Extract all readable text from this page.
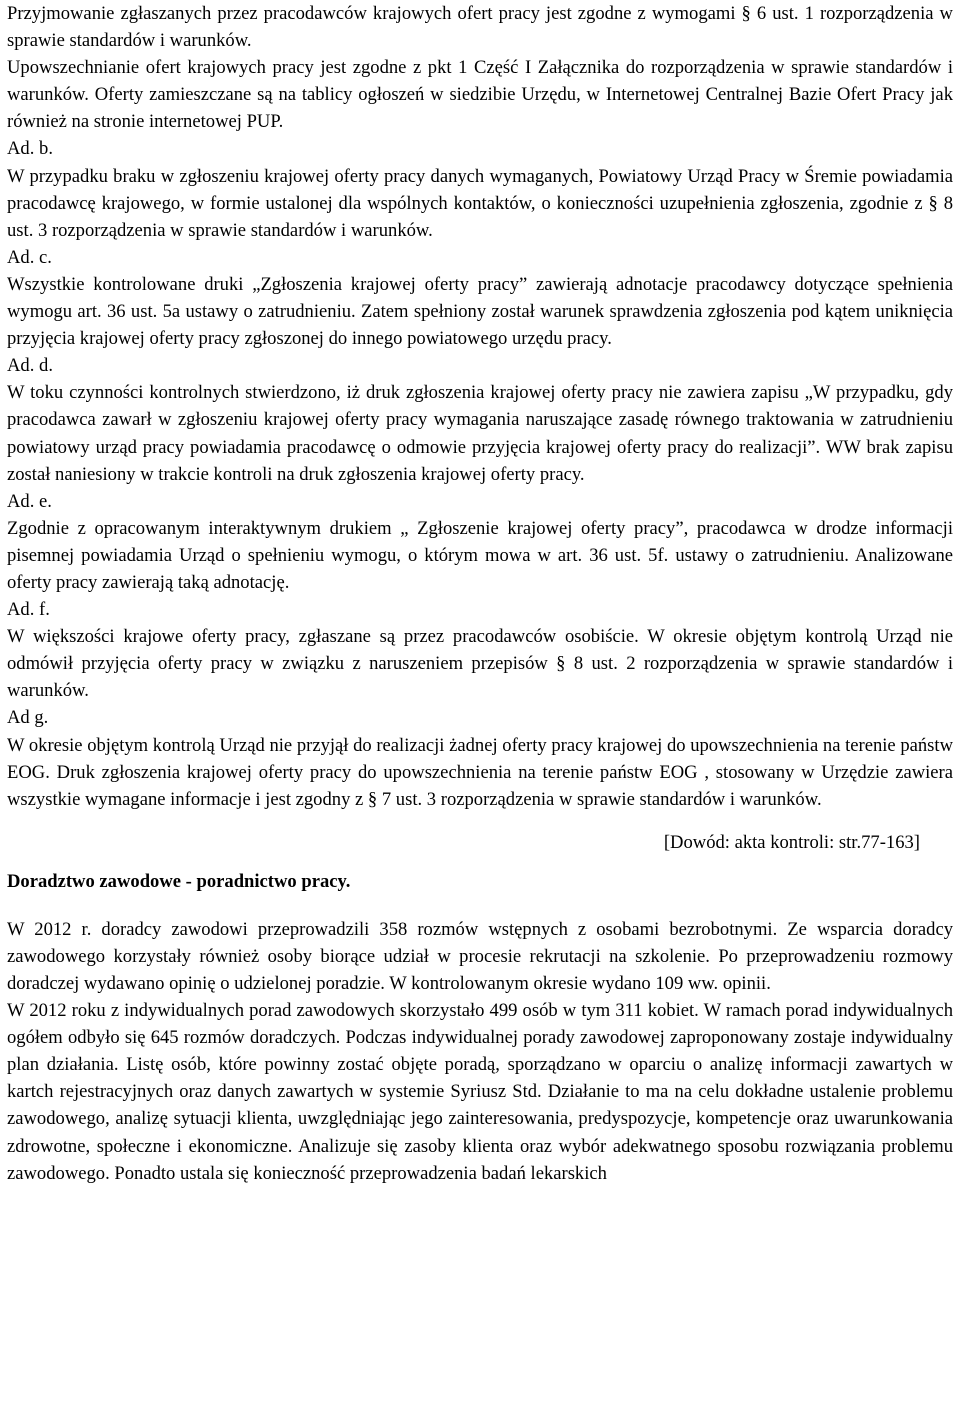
Przyjmowanie zgłaszanych przez pracodawców krajowych ofert pracy jest zgodne z wymogami § 6 ust. 1 rozporządzenia w sprawie standardów i warunków.

Upowszechnianie ofert krajowych pracy jest zgodne z pkt 1 Część I Załącznika do rozporządzenia w sprawie standardów i warunków. Oferty zamieszczane są na tablicy ogłoszeń w siedzibie Urzędu, w Internetowej Centralnej Bazie Ofert Pracy jak również na stronie internetowej PUP.

Ad. b.

W przypadku braku w zgłoszeniu krajowej oferty pracy danych wymaganych, Powiatowy Urząd Pracy w Śremie powiadamia pracodawcę krajowego, w formie ustalonej dla wspólnych kontaktów, o konieczności uzupełnienia zgłoszenia, zgodnie z § 8 ust. 3 rozporządzenia w sprawie standardów i warunków.

Ad. c.

Wszystkie kontrolowane druki „Zgłoszenia krajowej oferty pracy” zawierają adnotacje pracodawcy dotyczące spełnienia wymogu art. 36 ust. 5a ustawy o zatrudnieniu. Zatem spełniony został warunek sprawdzenia zgłoszenia pod kątem uniknięcia przyjęcia krajowej oferty pracy zgłoszonej do innego powiatowego urzędu pracy.

Ad. d.

W toku czynności kontrolnych stwierdzono, iż druk zgłoszenia krajowej oferty pracy nie zawiera zapisu „W przypadku, gdy pracodawca zawarł w zgłoszeniu krajowej oferty pracy wymagania naruszające zasadę równego traktowania w zatrudnieniu powiatowy urząd pracy powiadamia pracodawcę o odmowie przyjęcia krajowej oferty pracy do realizacji”. WW brak zapisu został naniesiony w trakcie kontroli na druk zgłoszenia krajowej oferty pracy.

Ad. e.

Zgodnie z opracowanym interaktywnym drukiem „ Zgłoszenie krajowej oferty pracy”, pracodawca w drodze informacji pisemnej powiadamia Urząd o spełnieniu wymogu, o którym mowa w art. 36 ust. 5f. ustawy o zatrudnieniu. Analizowane oferty pracy zawierają taką adnotację.

Ad. f.

W większości krajowe oferty pracy, zgłaszane są przez pracodawców osobiście. W okresie objętym kontrolą Urząd nie odmówił przyjęcia oferty pracy w związku z naruszeniem przepisów § 8 ust. 2 rozporządzenia w sprawie standardów i warunków.

Ad g.

W okresie objętym kontrolą Urząd nie przyjął do realizacji żadnej oferty pracy krajowej do upowszechnienia na terenie państw EOG. Druk zgłoszenia krajowej oferty pracy do upowszechnienia na terenie państw EOG , stosowany w Urzędzie zawiera wszystkie wymagane informacje i jest zgodny z § 7 ust. 3 rozporządzenia w sprawie standardów i warunków.

[Dowód: akta kontroli: str.77-163]

Doradztwo zawodowe - poradnictwo pracy.

W 2012 r. doradcy zawodowi przeprowadzili 358 rozmów wstępnych z osobami bezrobotnymi. Ze wsparcia doradcy zawodowego korzystały również osoby biorące udział w procesie rekrutacji na szkolenie. Po przeprowadzeniu rozmowy doradczej wydawano opinię o udzielonej poradzie. W kontrolowanym okresie wydano 109 ww. opinii.

W 2012 roku z indywidualnych porad zawodowych skorzystało 499 osób w tym 311 kobiet. W ramach porad indywidualnych ogółem odbyło się 645 rozmów doradczych. Podczas indywidualnej porady zawodowej zaproponowany zostaje indywidualny plan działania. Listę osób, które powinny zostać objęte poradą, sporządzano w oparciu o analizę informacji zawartych w kartch rejestracyjnych oraz danych zawartych w systemie Syriusz Std. Działanie to ma na celu dokładne ustalenie problemu zawodowego, analizę sytuacji klienta, uwzględniając jego zainteresowania, predyspozycje, kompetencje oraz uwarunkowania zdrowotne, społeczne i ekonomiczne. Analizuje się zasoby klienta oraz wybór adekwatnego sposobu rozwiązania problemu zawodowego. Ponadto ustala się konieczność przeprowadzenia badań lekarskich
